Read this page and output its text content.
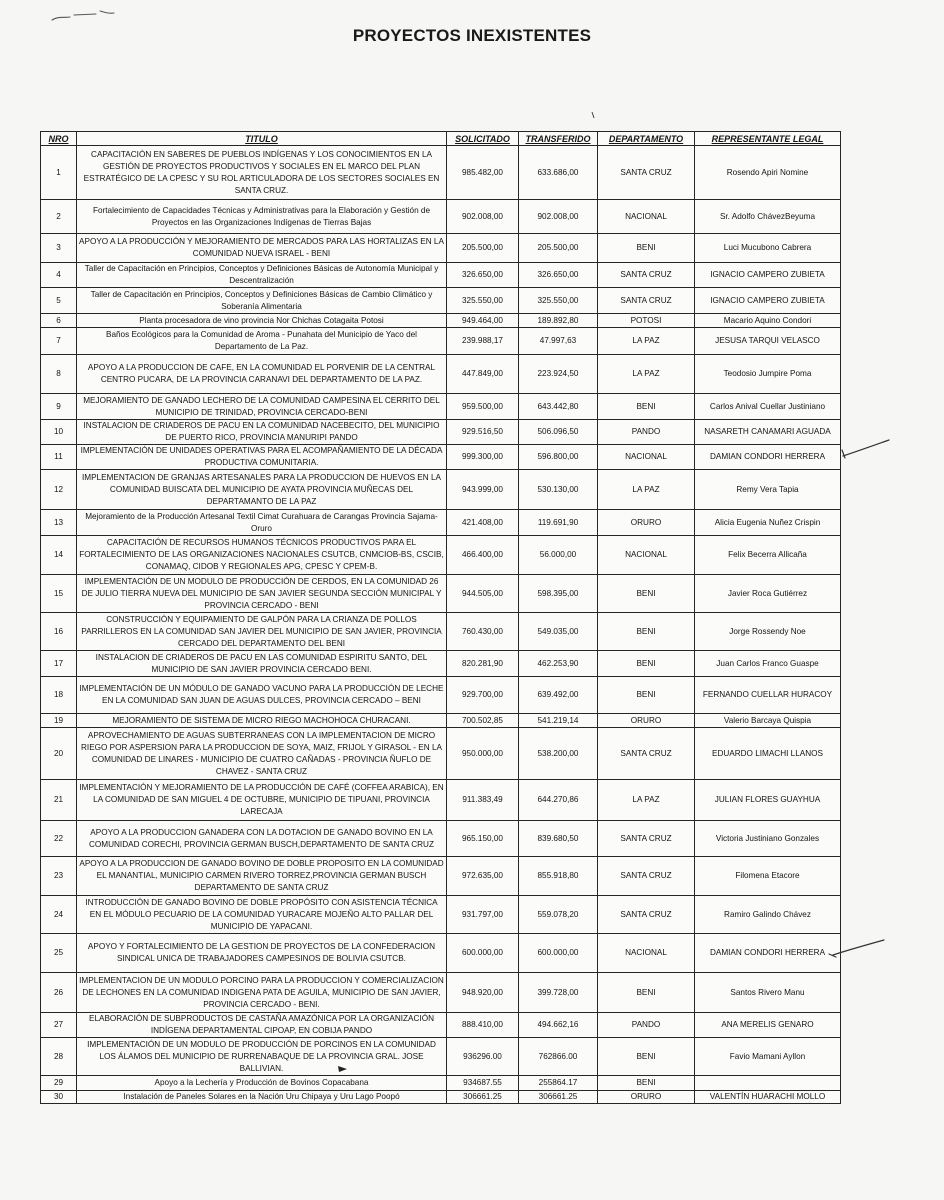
PROYECTOS INEXISTENTES
NRO	TITULO	SOLICITADO	TRANSFERIDO	DEPARTAMENTO	REPRESENTANTE LEGAL
1	CAPACITACIÓN EN SABERES DE PUEBLOS INDÍGENAS Y LOS CONOCIMIENTOS EN LA GESTIÓN DE PROYECTOS PRODUCTIVOS Y SOCIALES EN EL MARCO DEL PLAN ESTRATÉGICO DE LA CPESC Y SU ROL ARTICULADORA DE LOS SECTORES SOCIALES EN SANTA CRUZ.	985.482,00	633.686,00	SANTA CRUZ	Rosendo Apiri Nomine
2	Fortalecimiento de Capacidades Técnicas y Administrativas para la Elaboración y Gestión de Proyectos en las Organizaciones Indígenas de Tierras Bajas	902.008,00	902.008,00	NACIONAL	Sr. Adolfo ChávezBeyuma
3	APOYO A LA PRODUCCIÓN Y MEJORAMIENTO DE MERCADOS PARA LAS HORTALIZAS EN LA COMUNIDAD NUEVA ISRAEL - BENI	205.500,00	205.500,00	BENI	Luci Mucubono Cabrera
4	Taller de Capacitación en Principios, Conceptos y Definiciones Básicas de Autonomía Municipal y Descentralización	326.650,00	326.650,00	SANTA CRUZ	IGNACIO CAMPERO ZUBIETA
5	Taller de Capacitación en Principios, Conceptos y Definiciones Básicas de Cambio Climático y Soberanía Alimentaria	325.550,00	325.550,00	SANTA CRUZ	IGNACIO CAMPERO ZUBIETA
6	Planta procesadora de vino provincia Nor Chichas Cotagaita Potosi	949.464,00	189.892,80	POTOSI	Macario Aquino Condori
7	Baños Ecológicos para la Comunidad de Aroma - Punahata del Municipio de Yaco del Departamento de La Paz.	239.988,17	47.997,63	LA PAZ	JESUSA TARQUI VELASCO
8	APOYO A LA PRODUCCION DE CAFE, EN LA COMUNIDAD EL PORVENIR DE LA CENTRAL CENTRO PUCARA, DE LA PROVINCIA CARANAVI DEL DEPARTAMENTO DE LA PAZ.	447.849,00	223.924,50	LA PAZ	Teodosio Jumpire Poma
9	MEJORAMIENTO DE GANADO LECHERO DE LA COMUNIDAD CAMPESINA EL CERRITO DEL MUNICIPIO DE TRINIDAD, PROVINCIA CERCADO-BENI	959.500,00	643.442,80	BENI	Carlos Anival Cuellar Justiniano
10	INSTALACION DE CRIADEROS DE PACU EN LA COMUNIDAD NACEBECITO, DEL MUNICIPIO DE PUERTO RICO, PROVINCIA MANURIPI PANDO	929.516,50	506.096,50	PANDO	NASARETH CANAMARI AGUADA
11	IMPLEMENTACIÓN DE UNIDADES OPERATIVAS PARA EL ACOMPAÑAMIENTO DE LA DÉCADA PRODUCTIVA COMUNITARIA.	999.300,00	596.800,00	NACIONAL	DAMIAN CONDORI HERRERA
12	IMPLEMENTACION DE GRANJAS ARTESANALES PARA LA PRODUCCION DE HUEVOS EN LA COMUNIDAD BUISCATA DEL MUNICIPIO DE AYATA PROVINCIA MUÑECAS DEL DEPARTAMANTO DE LA PAZ	943.999,00	530.130,00	LA PAZ	Remy Vera Tapia
13	Mejoramiento de la Producción Artesanal Textil Cimat Curahuara de Carangas Provincia Sajama-Oruro	421.408,00	119.691,90	ORURO	Alicia Eugenia Nuñez Crispin
14	CAPACITACIÓN DE RECURSOS HUMANOS TÉCNICOS PRODUCTIVOS PARA EL FORTALECIMIENTO DE LAS ORGANIZACIONES NACIONALES CSUTCB, CNMCIOB-BS, CSCIB, CONAMAQ, CIDOB Y REGIONALES APG, CPESC Y CPEM-B.	466.400,00	56.000,00	NACIONAL	Felix Becerra Allicaña
15	IMPLEMENTACIÓN DE UN MODULO DE PRODUCCIÓN DE CERDOS, EN LA COMUNIDAD 26 DE JULIO TIERRA NUEVA DEL MUNICIPIO DE SAN JAVIER SEGUNDA SECCIÓN MUNICIPAL Y PROVINCIA CERCADO - BENI	944.505,00	598.395,00	BENI	Javier Roca Gutiérrez
16	CONSTRUCCIÓN Y EQUIPAMIENTO DE GALPÓN PARA LA CRIANZA DE POLLOS PARRILLEROS EN LA COMUNIDAD SAN JAVIER DEL MUNICIPIO DE SAN JAVIER, PROVINCIA CERCADO DEL DEPARTAMENTO DEL BENI	760.430,00	549.035,00	BENI	Jorge Rossendy Noe
17	INSTALACION DE CRIADEROS DE PACU EN LAS COMUNIDAD ESPIRITU SANTO, DEL MUNICIPIO DE SAN JAVIER PROVINCIA CERCADO BENI.	820.281,90	462.253,90	BENI	Juan Carlos Franco Guaspe
18	IMPLEMENTACIÓN DE UN MÓDULO DE GANADO VACUNO PARA LA PRODUCCIÓN DE LECHE EN LA COMUNIDAD SAN JUAN DE AGUAS DULCES, PROVINCIA CERCADO – BENI	929.700,00	639.492,00	BENI	FERNANDO CUELLAR HURACOY
19	MEJORAMIENTO DE SISTEMA DE MICRO RIEGO MACHOHOCA CHURACANI.	700.502,85	541.219,14	ORURO	Valerio Barcaya Quispia
20	APROVECHAMIENTO DE AGUAS SUBTERRANEAS CON LA IMPLEMENTACION DE MICRO RIEGO POR ASPERSION PARA LA PRODUCCION DE SOYA, MAIZ, FRIJOL Y GIRASOL - EN LA COMUNIDAD DE LINARES - MUNICIPIO DE CUATRO CAÑADAS - PROVINCIA ÑUFLO DE CHAVEZ - SANTA CRUZ	950.000,00	538.200,00	SANTA CRUZ	EDUARDO LIMACHI LLANOS
21	IMPLEMENTACIÓN Y MEJORAMIENTO DE LA PRODUCCIÓN DE CAFÉ (COFFEA ARABICA), EN LA COMUNIDAD DE SAN MIGUEL 4 DE OCTUBRE, MUNICIPIO DE TIPUANI, PROVINCIA LARECAJA	911.383,49	644.270,86	LA PAZ	JULIAN FLORES GUAYHUA
22	APOYO A LA PRODUCCION GANADERA CON LA DOTACION DE GANADO BOVINO EN LA COMUNIDAD CORECHI, PROVINCIA GERMAN BUSCH,DEPARTAMENTO DE SANTA CRUZ	965.150,00	839.680,50	SANTA CRUZ	Victoria Justiniano Gonzales
23	APOYO A LA PRODUCCION DE GANADO BOVINO DE DOBLE PROPOSITO EN LA COMUNIDAD EL MANANTIAL, MUNICIPIO CARMEN RIVERO TORREZ,PROVINCIA GERMAN BUSCH DEPARTAMENTO DE SANTA CRUZ	972.635,00	855.918,80	SANTA CRUZ	Filomena Etacore
24	INTRODUCCIÓN DE GANADO BOVINO DE DOBLE PROPÓSITO CON ASISTENCIA TÉCNICA EN EL MÓDULO PECUARIO DE LA COMUNIDAD YURACARE MOJEÑO ALTO PALLAR DEL MUNICIPIO DE YAPACANI.	931.797,00	559.078,20	SANTA CRUZ	Ramiro Galindo Chávez
25	APOYO Y FORTALECIMIENTO DE LA GESTION DE PROYECTOS DE LA CONFEDERACION SINDICAL UNICA DE TRABAJADORES CAMPESINOS DE BOLIVIA CSUTCB.	600.000,00	600.000,00	NACIONAL	DAMIAN CONDORI HERRERA
26	IMPLEMENTACION DE UN MODULO PORCINO PARA LA PRODUCCION Y COMERCIALIZACION DE LECHONES EN LA COMUNIDAD INDIGENA PATA DE AGUILA, MUNICIPIO DE SAN JAVIER, PROVINCIA CERCADO - BENI.	948.920,00	399.728,00	BENI	Santos Rivero Manu
27	ELABORACIÓN DE SUBPRODUCTOS DE CASTAÑA AMAZÓNICA POR LA ORGANIZACIÓN INDÍGENA DEPARTAMENTAL CIPOAP, EN COBIJA PANDO	888.410,00	494.662,16	PANDO	ANA MERELIS GENARO
28	IMPLEMENTACIÓN DE UN MODULO DE PRODUCCIÓN DE PORCINOS EN LA COMUNIDAD LOS ÁLAMOS DEL MUNICIPIO DE RURRENABAQUE DE LA PROVINCIA GRAL. JOSE BALLIVIAN.	936296.00	762866.00	BENI	Favio Mamani Ayllon
29	Apoyo a la Lechería y Producción de Bovinos Copacabana	934687.55	255864.17	BENI	
30	Instalación de Paneles Solares en la Nación Uru Chipaya y Uru Lago Poopó	306661.25	306661.25	ORURO	VALENTÍN HUARACHI MOLLO
